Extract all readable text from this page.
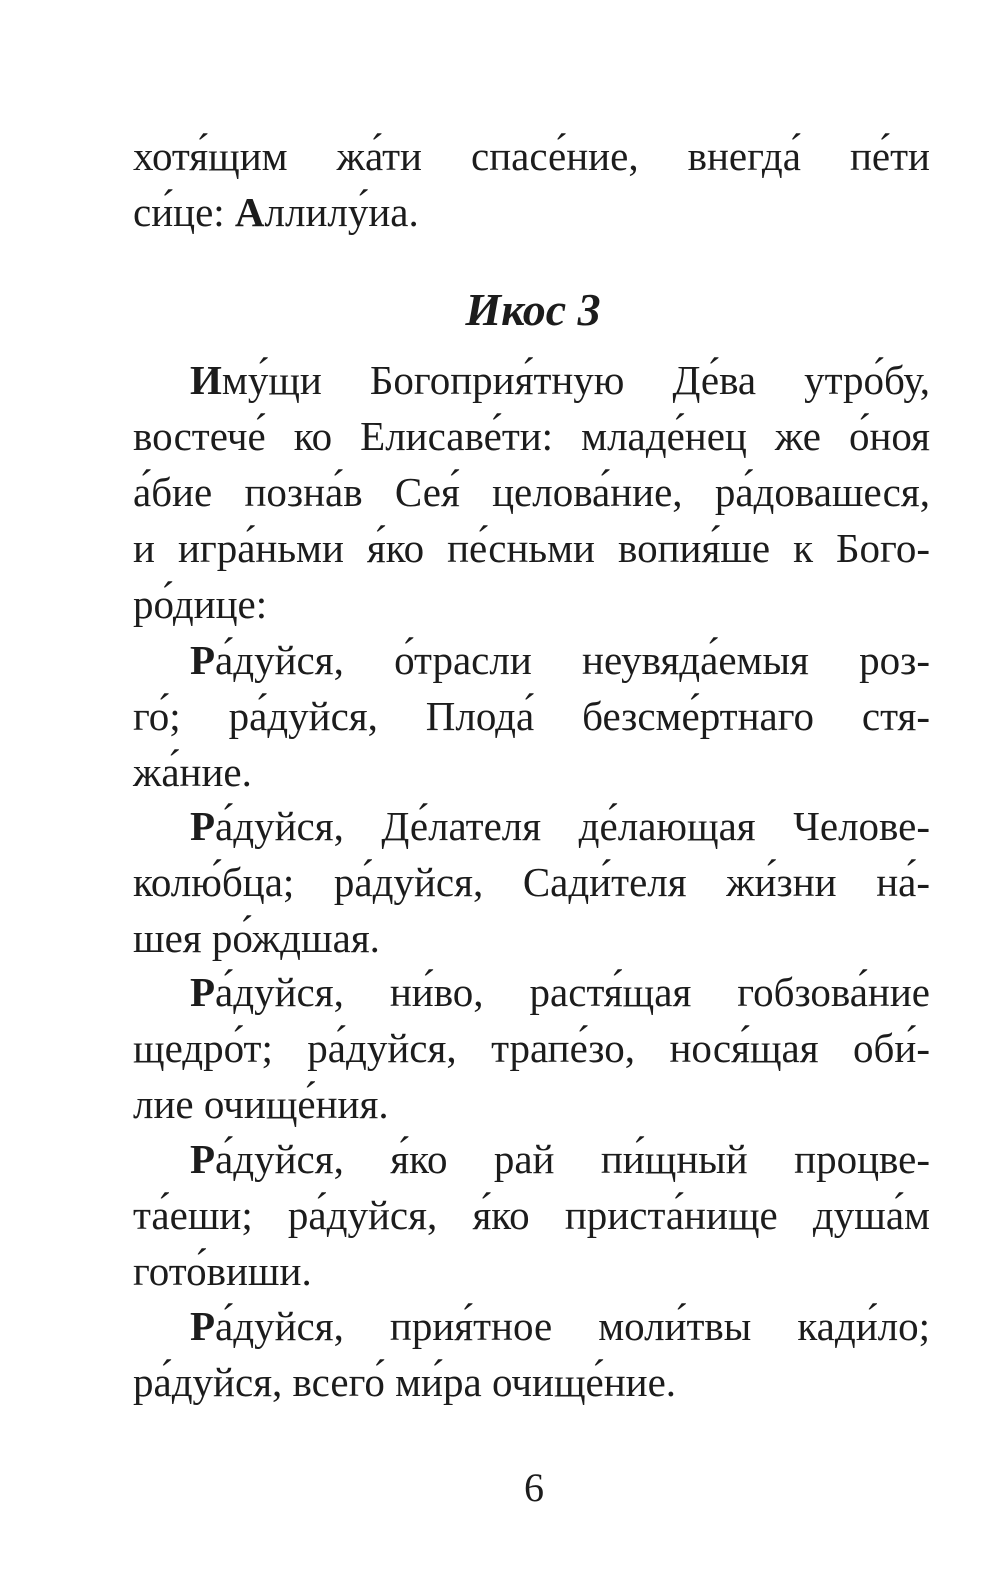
хотя́щим жа́ти спасе́ние, внегда́ пе́ти
си́це: Аллилу́иа.
Икос 3
Иму́щи Богоприя́тную Де́ва утро́бу,
востече́ ко Елисаве́ти: младе́нец же о́ноя
а́бие позна́в Сея́ целова́ние, ра́довашеся,
и игра́ньми я́ко пе́сньми вопия́ше к Бого-
ро́дице:
Ра́дуйся, о́трасли неувяда́емыя роз-
го́; ра́дуйся, Плода́ безсме́ртнаго стя-
жа́ние.
Ра́дуйся, Де́лателя де́лающая Челове-
колю́бца; ра́дуйся, Сади́теля жи́зни на́-
шея ро́ждшая.
Ра́дуйся, ни́во, растя́щая гобзова́ние
щедро́т; ра́дуйся, трапе́зо, нося́щая оби́-
лие очище́ния.
Ра́дуйся, я́ко рай пи́щный процве-
та́еши; ра́дуйся, я́ко приста́нище душа́м
гото́виши.
Ра́дуйся, прия́тное моли́твы кади́ло;
ра́дуйся, всего́ ми́ра очище́ние.
6
